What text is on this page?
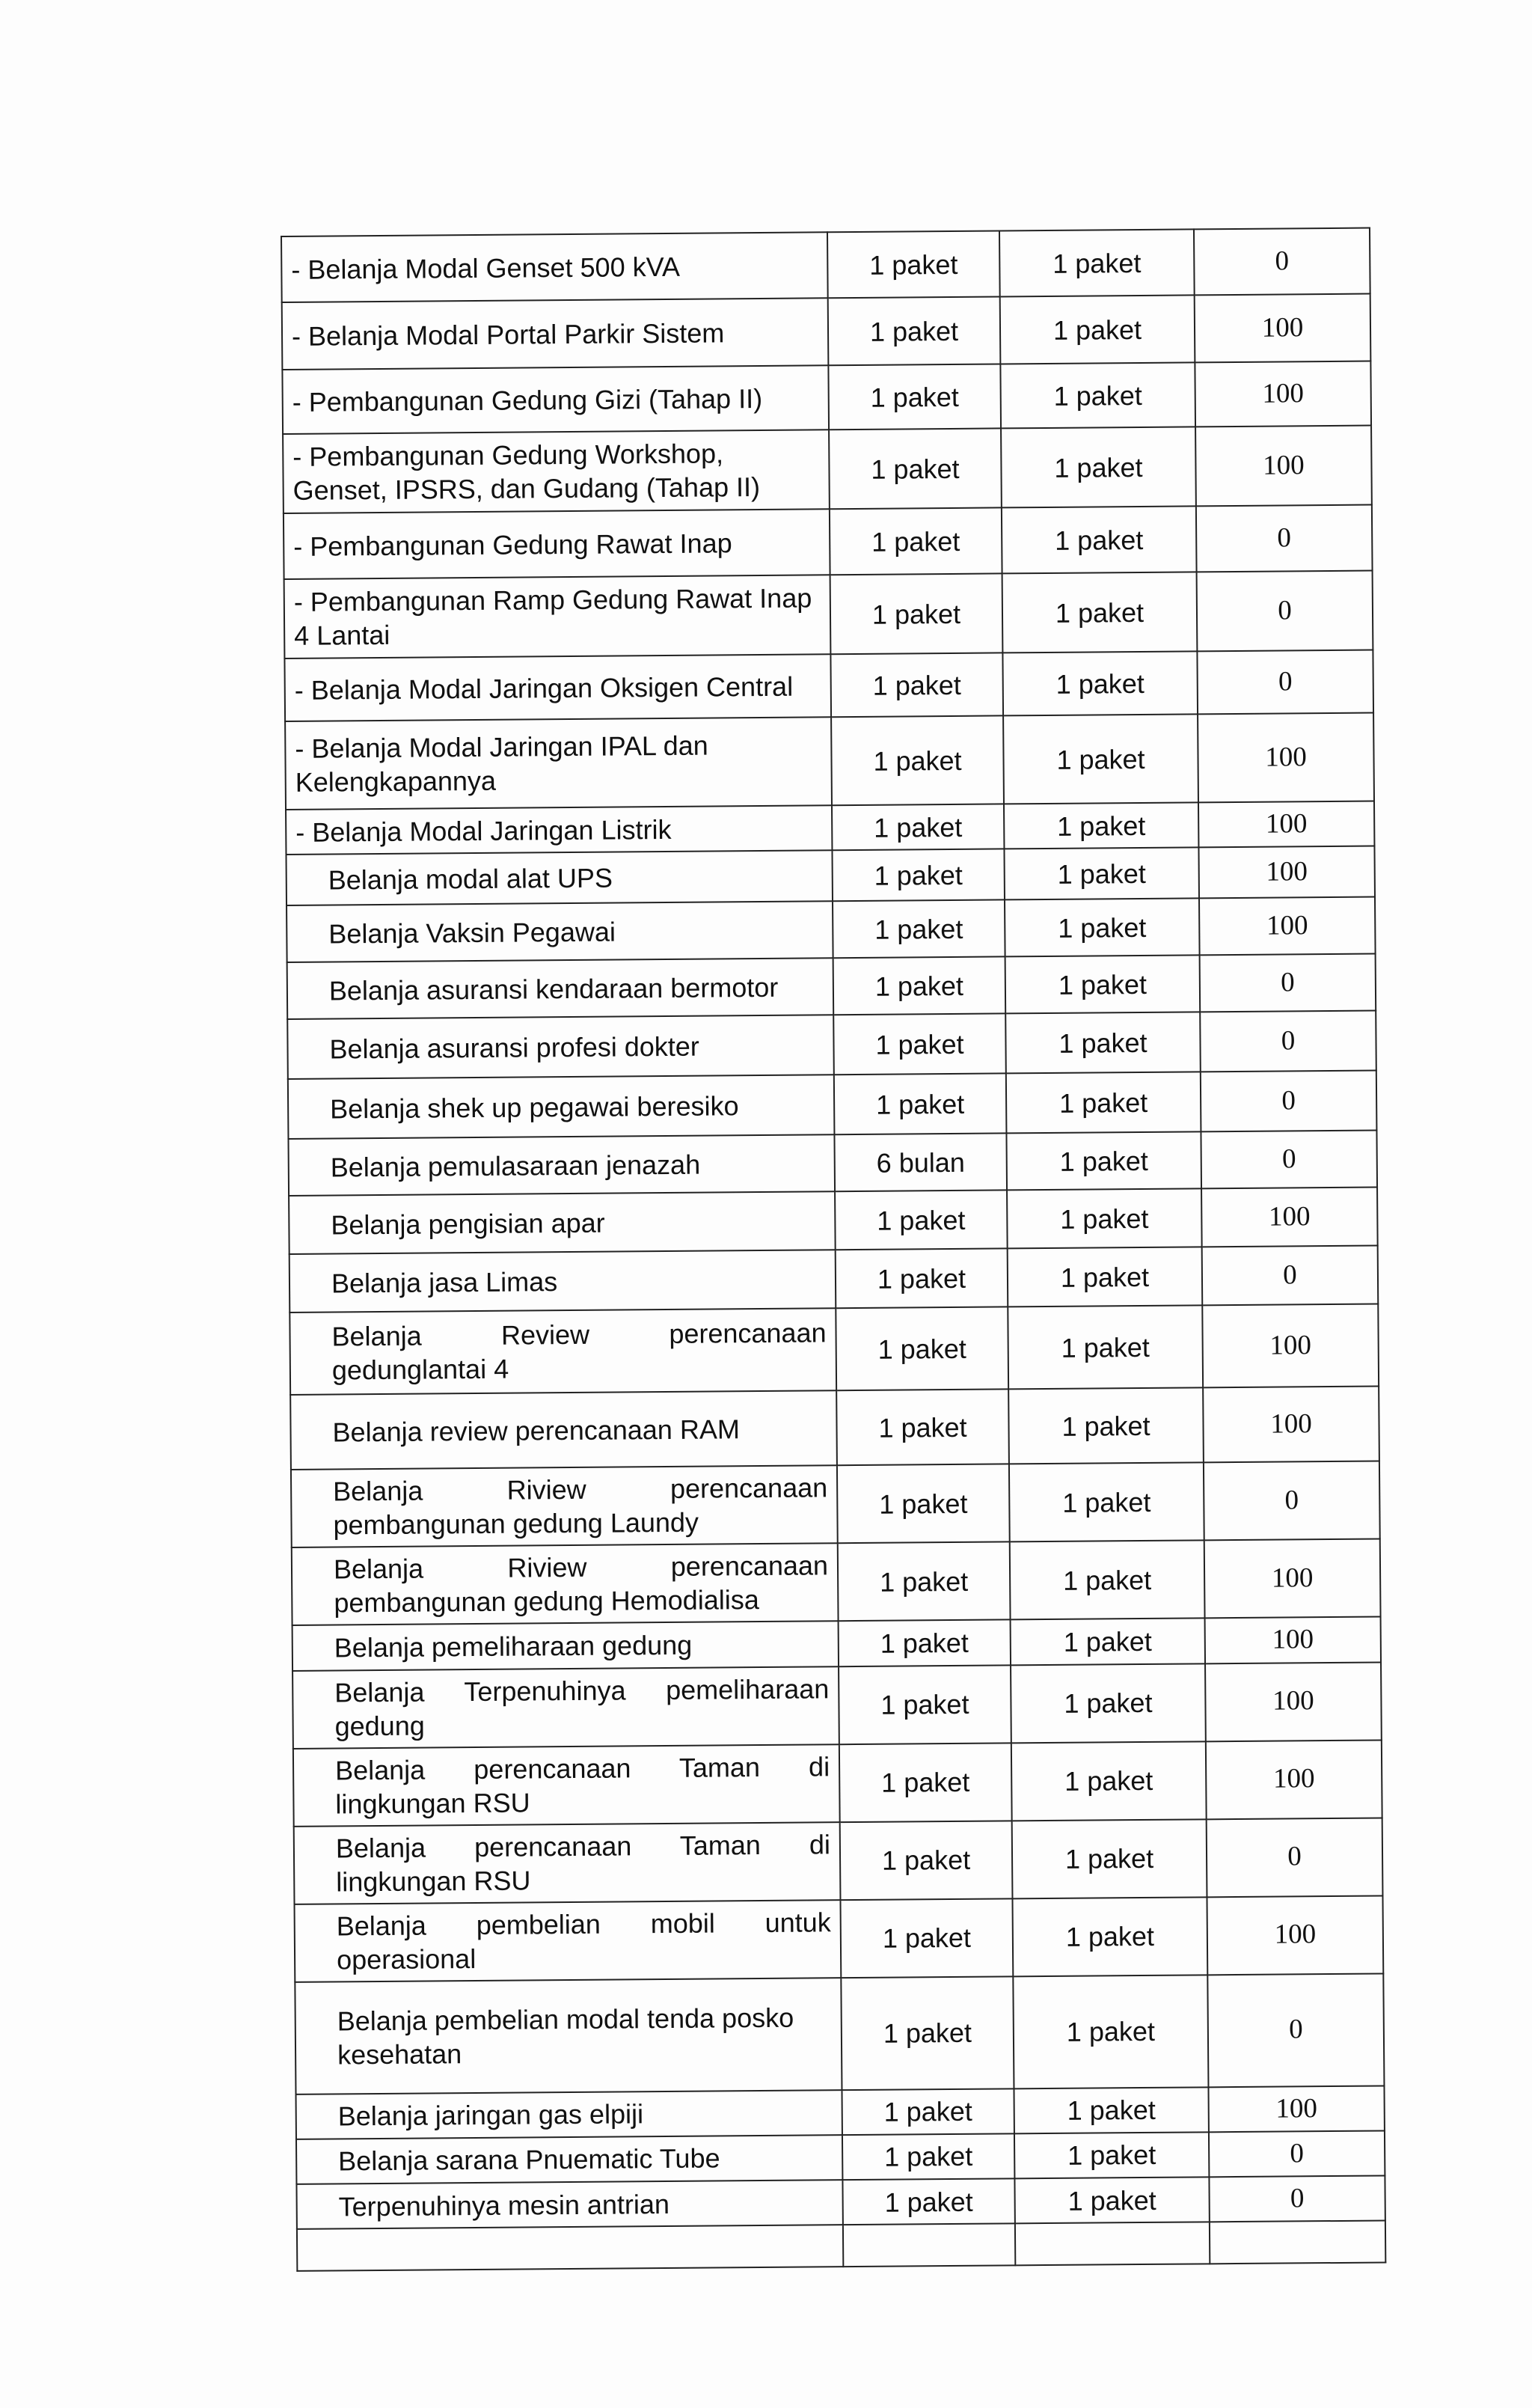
- Belanja Modal Genset 500 kVA	1 paket	1 paket	0
- Belanja Modal Portal Parkir Sistem	1 paket	1 paket	100
- Pembangunan Gedung Gizi (Tahap II)	1 paket	1 paket	100
- Pembangunan Gedung Workshop, Genset, IPSRS, dan Gudang (Tahap II)	1 paket	1 paket	100
- Pembangunan Gedung Rawat Inap	1 paket	1 paket	0
- Pembangunan Ramp Gedung Rawat Inap 4 Lantai	1 paket	1 paket	0
- Belanja Modal Jaringan Oksigen Central	1 paket	1 paket	0
- Belanja Modal Jaringan IPAL dan Kelengkapannya	1 paket	1 paket	100
- Belanja Modal Jaringan Listrik	1 paket	1 paket	100
Belanja modal alat UPS	1 paket	1 paket	100
Belanja Vaksin Pegawai	1 paket	1 paket	100
Belanja asuransi kendaraan bermotor	1 paket	1 paket	0
Belanja asuransi profesi dokter	1 paket	1 paket	0
Belanja shek up pegawai beresiko	1 paket	1 paket	0
Belanja pemulasaraan jenazah	6 bulan	1 paket	0
Belanja pengisian apar	1 paket	1 paket	100
Belanja jasa Limas	1 paket	1 paket	0
Belanja Review perencanaan gedunglantai 4	1 paket	1 paket	100
Belanja review perencanaan RAM	1 paket	1 paket	100
Belanja Riview perencanaan pembangunan gedung Laundy	1 paket	1 paket	0
Belanja Riview perencanaan pembangunan gedung Hemodialisa	1 paket	1 paket	100
Belanja pemeliharaan gedung	1 paket	1 paket	100
Belanja Terpenuhinya pemeliharaan gedung	1 paket	1 paket	100
Belanja perencanaan Taman di lingkungan RSU	1 paket	1 paket	100
Belanja perencanaan Taman di lingkungan RSU	1 paket	1 paket	0
Belanja pembelian mobil untuk operasional	1 paket	1 paket	100
Belanja pembelian modal tenda posko kesehatan	1 paket	1 paket	0
Belanja jaringan gas elpiji	1 paket	1 paket	100
Belanja sarana Pnuematic Tube	1 paket	1 paket	0
Terpenuhinya mesin antrian	1 paket	1 paket	0
